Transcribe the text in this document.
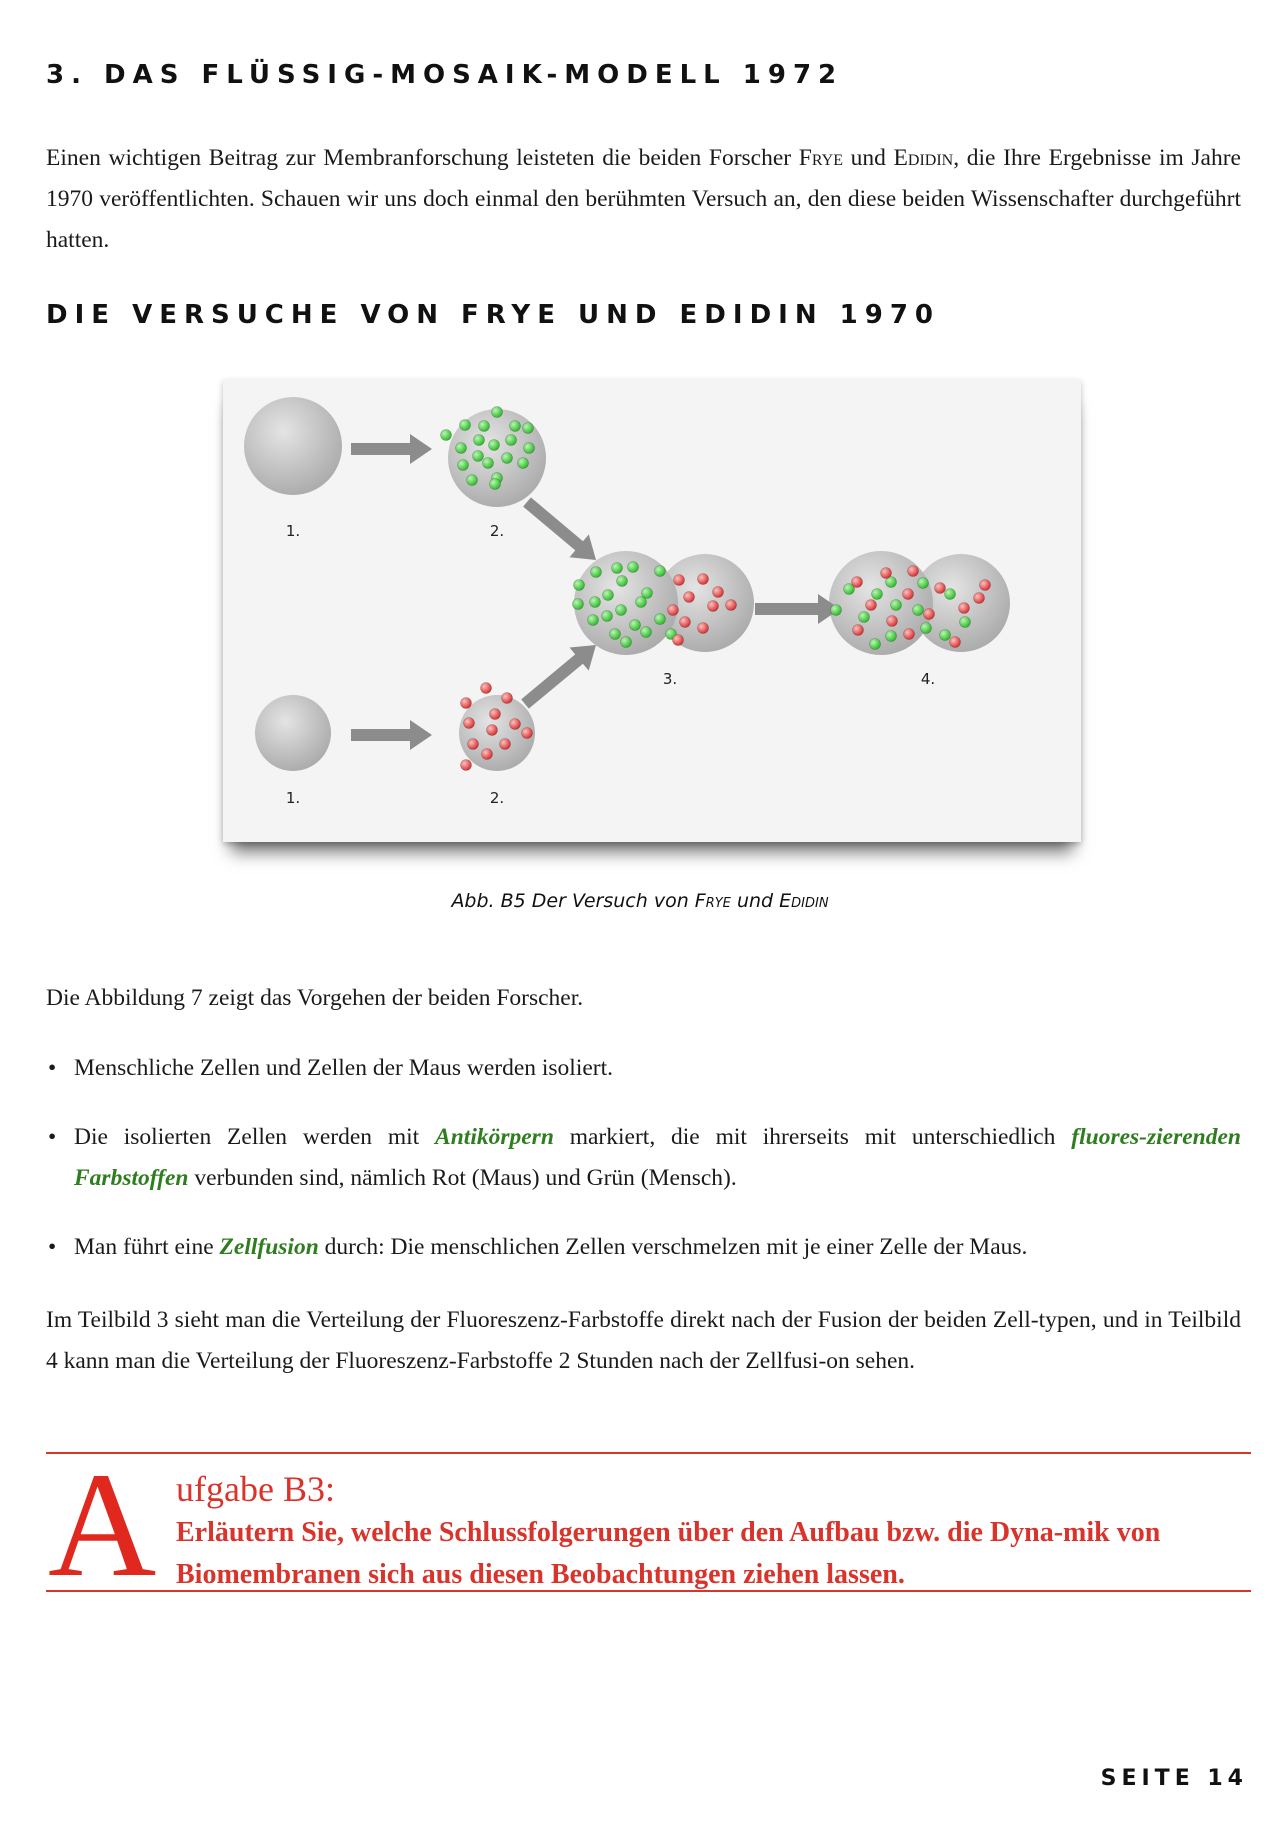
3. DAS FLÜSSIG-MOSAIK-MODELL 1972

Einen wichtigen Beitrag zur Membranforschung leisteten die beiden Forscher Frye und Edidin, die Ihre Ergebnisse im Jahre 1970 veröffentlichten. Schauen wir uns doch einmal den berühmten Versuch an, den diese beiden Wissenschafter durchgeführt hatten.

DIE VERSUCHE VON FRYE UND EDIDIN 1970
1.	2.
3.	4.
1.	2.

Abb. B5 Der Versuch von Frye und Edidin

Die Abbildung 7 zeigt das Vorgehen der beiden Forscher.

• Menschliche Zellen und Zellen der Maus werden isoliert.
• Die isolierten Zellen werden mit Antikörpern markiert, die mit ihrerseits mit unterschiedlich fluores-zierenden Farbstoffen verbunden sind, nämlich Rot (Maus) und Grün (Mensch).
• Man führt eine Zellfusion durch: Die menschlichen Zellen verschmelzen mit je einer Zelle der Maus.

Im Teilbild 3 sieht man die Verteilung der Fluoreszenz-Farbstoffe direkt nach der Fusion der beiden Zell-typen, und in Teilbild 4 kann man die Verteilung der Fluoreszenz-Farbstoffe 2 Stunden nach der Zellfusi-on sehen.

A ufgabe B3:

Erläutern Sie, welche Schlussfolgerungen über den Aufbau bzw. die Dyna-mik von Biomembranen sich aus diesen Beobachtungen ziehen lassen.

SEITE 14
